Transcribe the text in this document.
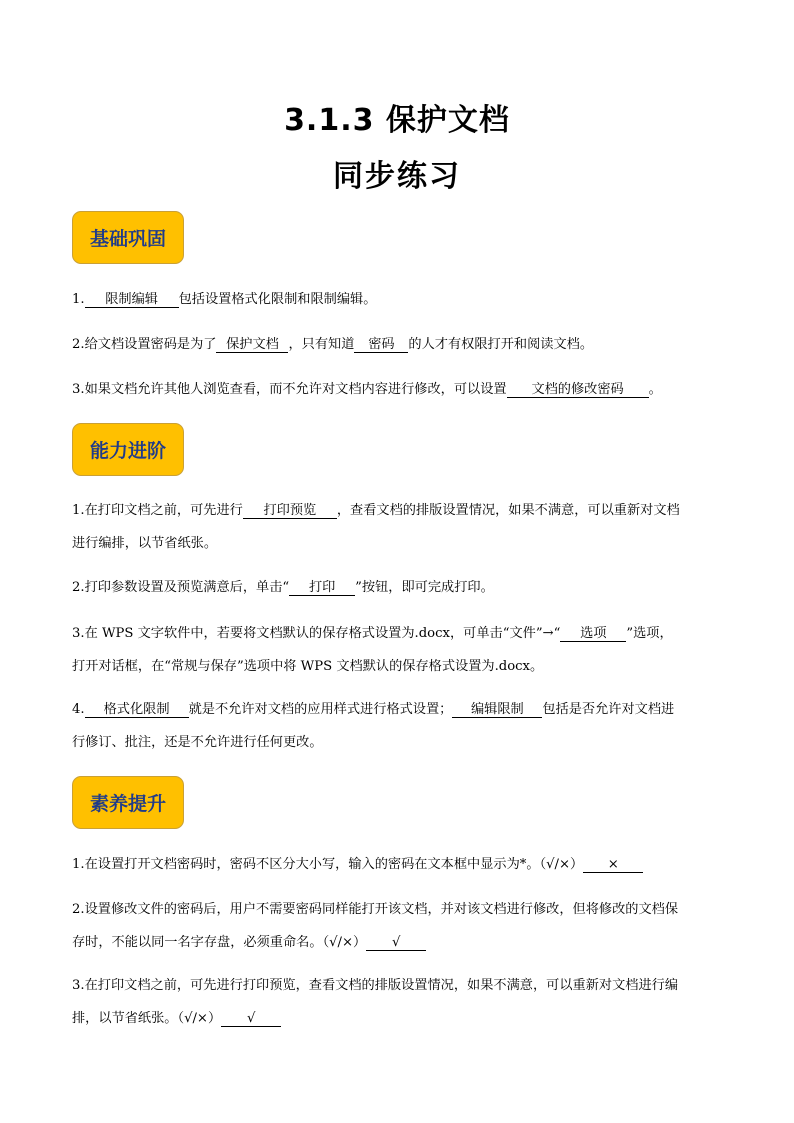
3.1.3 保护文档
同步练习
基础巩固
1. 限制编辑 包括设置格式化限制和限制编辑。
2.给文档设置密码是为了 保护文档 ，只有知道 密码 的人才有权限打开和阅读文档。
3.如果文档允许其他人浏览查看，而不允许对文档内容进行修改，可以设置 文档的修改密码 。
能力进阶
1.在打印文档之前，可先进行 打印预览 ，查看文档的排版设置情况，如果不满意，可以重新对文档
进行编排，以节省纸张。
2.打印参数设置及预览满意后，单击“ 打印 ”按钮，即可完成打印。
3.在 WPS 文字软件中，若要将文档默认的保存格式设置为.docx，可单击“文件”→“ 选项 ”选项，
打开对话框，在“常规与保存”选项中将 WPS 文档默认的保存格式设置为.docx。
4. 格式化限制 就是不允许对文档的应用样式进行格式设置； 编辑限制 包括是否允许对文档进
行修订、批注，还是不允许进行任何更改。
素养提升
1.在设置打开文档密码时，密码不区分大小写，输入的密码在文本框中显示为*。（√/×） ×
2.设置修改文件的密码后，用户不需要密码同样能打开该文档，并对该文档进行修改，但将修改的文档保
存时，不能以同一名字存盘，必须重命名。（√/×） √
3.在打印文档之前，可先进行打印预览，查看文档的排版设置情况，如果不满意，可以重新对文档进行编
排，以节省纸张。（√/×） √
